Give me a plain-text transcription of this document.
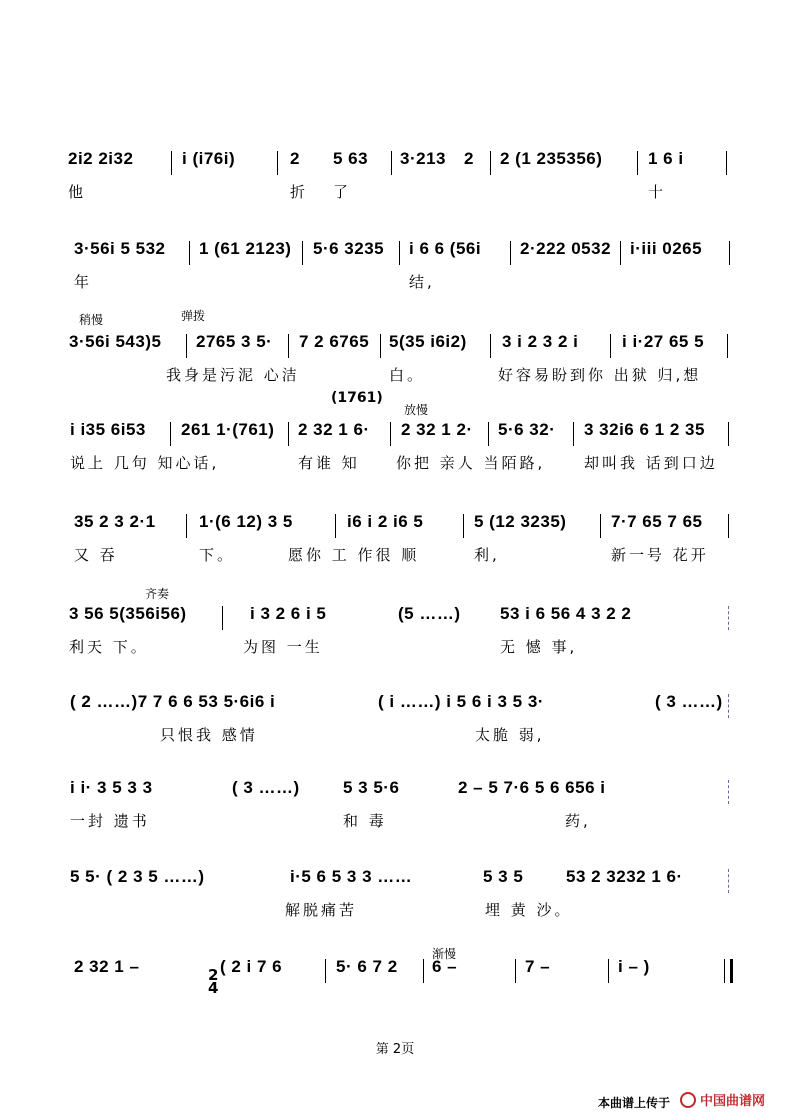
2i2 2i32	i (i76i)	2 5 63 3·213 2 2 (1 235356)	1 6 i
他	折 了	十
3·56i 5 532 1 (61 2123) 5·6 3235 i 6 6 (56i 2·222 0532 i·iii 0265
年	结,
3·56i 543)5 2765 3 5· 7 2 6765 5(35 i6i2) 3 i 2 3 2 i	i i·27 65 5
我身是污泥 心洁	白。	好容易盼到你 出狱 归,想
i i35 6i53 261 1·(761) 2 32 1 6· 2 32 1 2· 5·6 32· 3 32i6 6 1 2 35
说上 几句 知心话,	有谁 知 你把 亲人 当陌路,	却叫我 话到口边
35 2 3 2·1	1·(6 12) 3 5	i6 i 2 i6 5	5 (12 3235)	7·7 65 7 65
又 吞	下。	愿你 工 作很 顺	利,	新一号 花开
3 56 5(356i56)	i 3 2 6 i 5	(5 ……) 53 i 6 56 4 3 2 2
利天 下。	为图 一生	无 憾 事,
( 2 ……)7 7 6 6 53 5·6i6 i	( i ……) i 5 6 i 3 5 3·	( 3 ……)
只恨我 感情	太脆 弱,
i i· 3 5 3 3	( 3 ……)	5 3 5·6	2 – 5 7·6 5 6 656 i
一封 遗书	和 毒	药,
5 5· ( 2 3 5 ……)	i·5 6 5 3 3 ……	5 3 5	53 2 3232 1 6·
解脱痛苦	埋 黄 沙。
2 32 1 –	( 2 i 7 6	5· 6 7 2 6 –	7 –	i – )
2 4
稍慢	弹拨
放慢
齐奏
渐慢
(1761)
第 2页
本曲谱上传于 中国曲谱网
